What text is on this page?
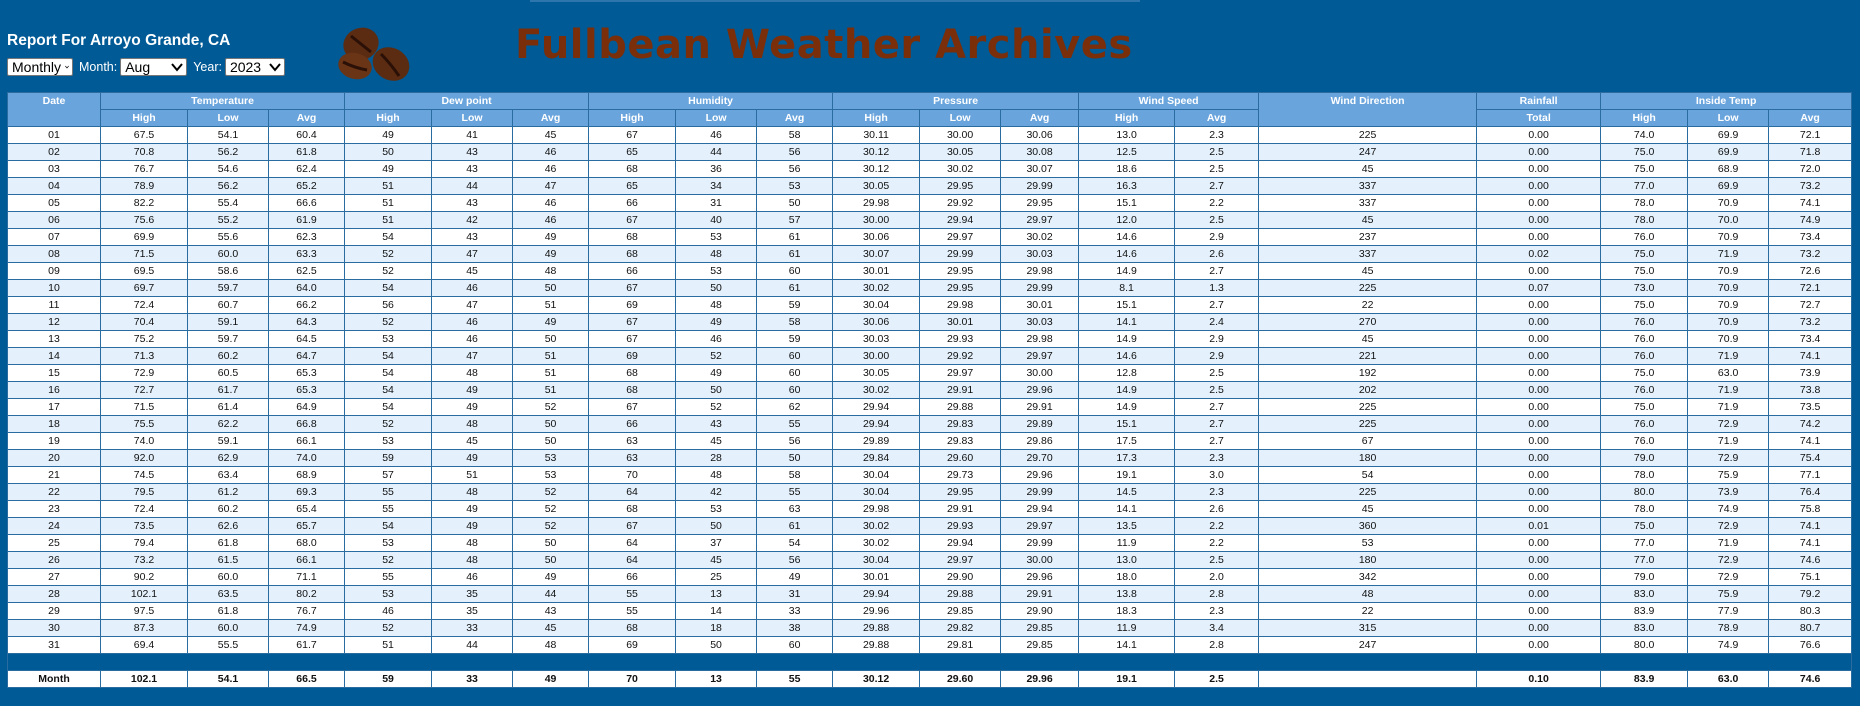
Report For Arroyo Grande, CA
Monthly Month: Aug	Year: 2023	Fullbean Weather Archives
Date	Temperature			Dew point			Humidity			Pressure			Wind Speed		Wind Direction	Rainfall	Inside Temp		
	High	Low	Avg	High	Low	Avg	High	Low	Avg	High	Low	Avg	High	Avg		Total	High	Low	Avg
01	67.5	54.1	60.4	49	41	45	67	46	58	30.11	30.00	30.06	13.0	2.3	225	0.00	74.0	69.9	72.1
02	70.8	56.2	61.8	50	43	46	65	44	56	30.12	30.05	30.08	12.5	2.5	247	0.00	75.0	69.9	71.8
03	76.7	54.6	62.4	49	43	46	68	36	56	30.12	30.02	30.07	18.6	2.5	45	0.00	75.0	68.9	72.0
04	78.9	56.2	65.2	51	44	47	65	34	53	30.05	29.95	29.99	16.3	2.7	337	0.00	77.0	69.9	73.2
05	82.2	55.4	66.6	51	43	46	66	31	50	29.98	29.92	29.95	15.1	2.2	337	0.00	78.0	70.9	74.1
06	75.6	55.2	61.9	51	42	46	67	40	57	30.00	29.94	29.97	12.0	2.5	45	0.00	78.0	70.0	74.9
07	69.9	55.6	62.3	54	43	49	68	53	61	30.06	29.97	30.02	14.6	2.9	237	0.00	76.0	70.9	73.4
08	71.5	60.0	63.3	52	47	49	68	48	61	30.07	29.99	30.03	14.6	2.6	337	0.02	75.0	71.9	73.2
09	69.5	58.6	62.5	52	45	48	66	53	60	30.01	29.95	29.98	14.9	2.7	45	0.00	75.0	70.9	72.6
10	69.7	59.7	64.0	54	46	50	67	50	61	30.02	29.95	29.99	8.1	1.3	225	0.07	73.0	70.9	72.1
11	72.4	60.7	66.2	56	47	51	69	48	59	30.04	29.98	30.01	15.1	2.7	22	0.00	75.0	70.9	72.7
12	70.4	59.1	64.3	52	46	49	67	49	58	30.06	30.01	30.03	14.1	2.4	270	0.00	76.0	70.9	73.2
13	75.2	59.7	64.5	53	46	50	67	46	59	30.03	29.93	29.98	14.9	2.9	45	0.00	76.0	70.9	73.4
14	71.3	60.2	64.7	54	47	51	69	52	60	30.00	29.92	29.97	14.6	2.9	221	0.00	76.0	71.9	74.1
15	72.9	60.5	65.3	54	48	51	68	49	60	30.05	29.97	30.00	12.8	2.5	192	0.00	75.0	63.0	73.9
16	72.7	61.7	65.3	54	49	51	68	50	60	30.02	29.91	29.96	14.9	2.5	202	0.00	76.0	71.9	73.8
17	71.5	61.4	64.9	54	49	52	67	52	62	29.94	29.88	29.91	14.9	2.7	225	0.00	75.0	71.9	73.5
18	75.5	62.2	66.8	52	48	50	66	43	55	29.94	29.83	29.89	15.1	2.7	225	0.00	76.0	72.9	74.2
19	74.0	59.1	66.1	53	45	50	63	45	56	29.89	29.83	29.86	17.5	2.7	67	0.00	76.0	71.9	74.1
20	92.0	62.9	74.0	59	49	53	63	28	50	29.84	29.60	29.70	17.3	2.3	180	0.00	79.0	72.9	75.4
21	74.5	63.4	68.9	57	51	53	70	48	58	30.04	29.73	29.96	19.1	3.0	54	0.00	78.0	75.9	77.1
22	79.5	61.2	69.3	55	48	52	64	42	55	30.04	29.95	29.99	14.5	2.3	225	0.00	80.0	73.9	76.4
23	72.4	60.2	65.4	55	49	52	68	53	63	29.98	29.91	29.94	14.1	2.6	45	0.00	78.0	74.9	75.8
24	73.5	62.6	65.7	54	49	52	67	50	61	30.02	29.93	29.97	13.5	2.2	360	0.01	75.0	72.9	74.1
25	79.4	61.8	68.0	53	48	50	64	37	54	30.02	29.94	29.99	11.9	2.2	53	0.00	77.0	71.9	74.1
26	73.2	61.5	66.1	52	48	50	64	45	56	30.04	29.97	30.00	13.0	2.5	180	0.00	77.0	72.9	74.6
27	90.2	60.0	71.1	55	46	49	66	25	49	30.01	29.90	29.96	18.0	2.0	342	0.00	79.0	72.9	75.1
28	102.1	63.5	80.2	53	35	44	55	13	31	29.94	29.88	29.91	13.8	2.8	48	0.00	83.0	75.9	79.2
29	97.5	61.8	76.7	46	35	43	55	14	33	29.96	29.85	29.90	18.3	2.3	22	0.00	83.9	77.9	80.3
30	87.3	60.0	74.9	52	33	45	68	18	38	29.88	29.82	29.85	11.9	3.4	315	0.00	83.0	78.9	80.7
31	69.4	55.5	61.7	51	44	48	69	50	60	29.88	29.81	29.85	14.1	2.8	247	0.00	80.0	74.9	76.6

Month	102.1	54.1	66.5	59	33	49	70	13	55	30.12	29.60	29.96	19.1	2.5		0.10	83.9	63.0	74.6
